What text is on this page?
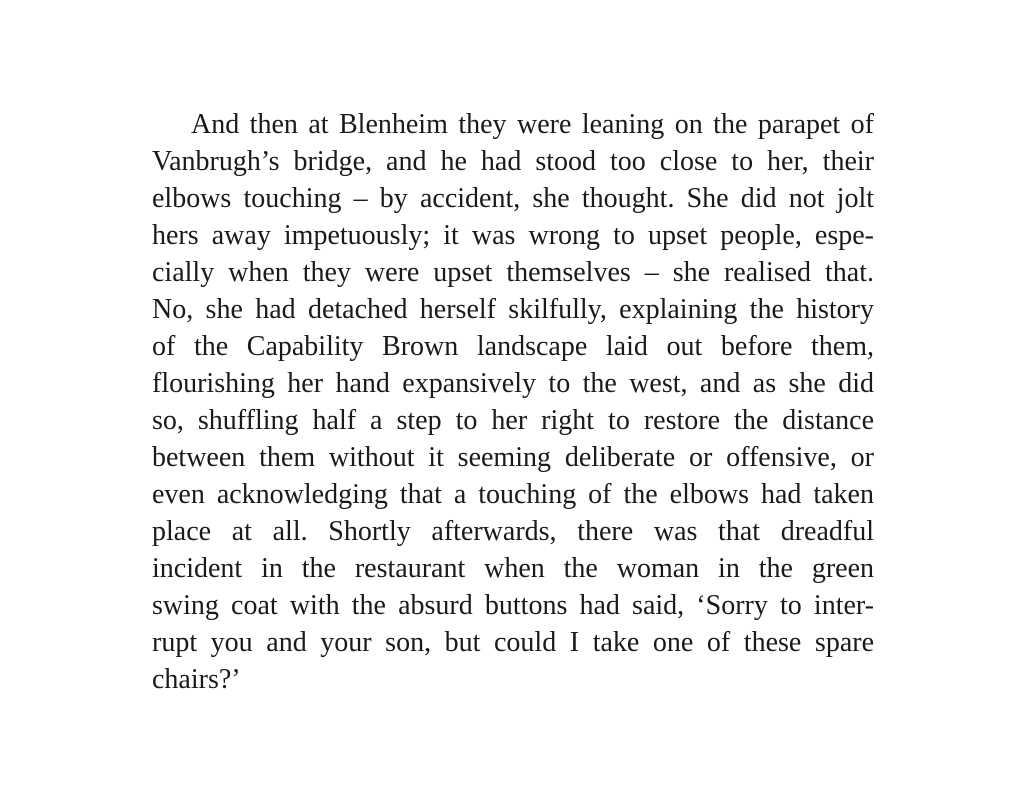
And then at Blenheim they were leaning on the parapet of
Vanbrugh’s bridge, and he had stood too close to her, their
elbows touching – by accident, she thought. She did not jolt
hers away impetuously; it was wrong to upset people, espe-
cially when they were upset themselves – she realised that.
No, she had detached herself skilfully, explaining the history
of the Capability Brown landscape laid out before them,
flourishing her hand expansively to the west, and as she did
so, shuffling half a step to her right to restore the distance
between them without it seeming deliberate or offensive, or
even acknowledging that a touching of the elbows had taken
place at all. Shortly afterwards, there was that dreadful
incident in the restaurant when the woman in the green
swing coat with the absurd buttons had said, ‘Sorry to inter-
rupt you and your son, but could I take one of these spare
chairs?’
